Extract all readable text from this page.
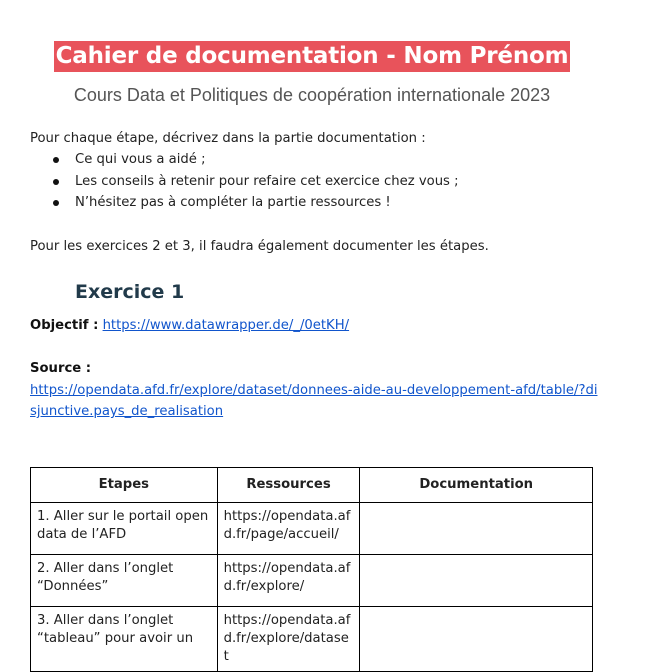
Cahier de documentation - Nom Prénom
Cours Data et Politiques de coopération internationale 2023
Pour chaque étape, décrivez dans la partie documentation :
Ce qui vous a aidé ;
Les conseils à retenir pour refaire cet exercice chez vous ;
N’hésitez pas à compléter la partie ressources !
Pour les exercices 2 et 3, il faudra également documenter les étapes.
Exercice 1
Objectif : https://www.datawrapper.de/_/0etKH/
Source :
https://opendata.afd.fr/explore/dataset/donnees-aide-au-developpement-afd/table/?disjunctive.pays_de_realisation
Etapes	Ressources	Documentation
1. Aller sur le portail open data de l’AFD	https://opendata.afd.fr/page/accueil/	
2. Aller dans l’onglet “Données”	https://opendata.afd.fr/explore/	
3. Aller dans l’onglet “tableau” pour avoir un	https://opendata.afd.fr/explore/dataset	
